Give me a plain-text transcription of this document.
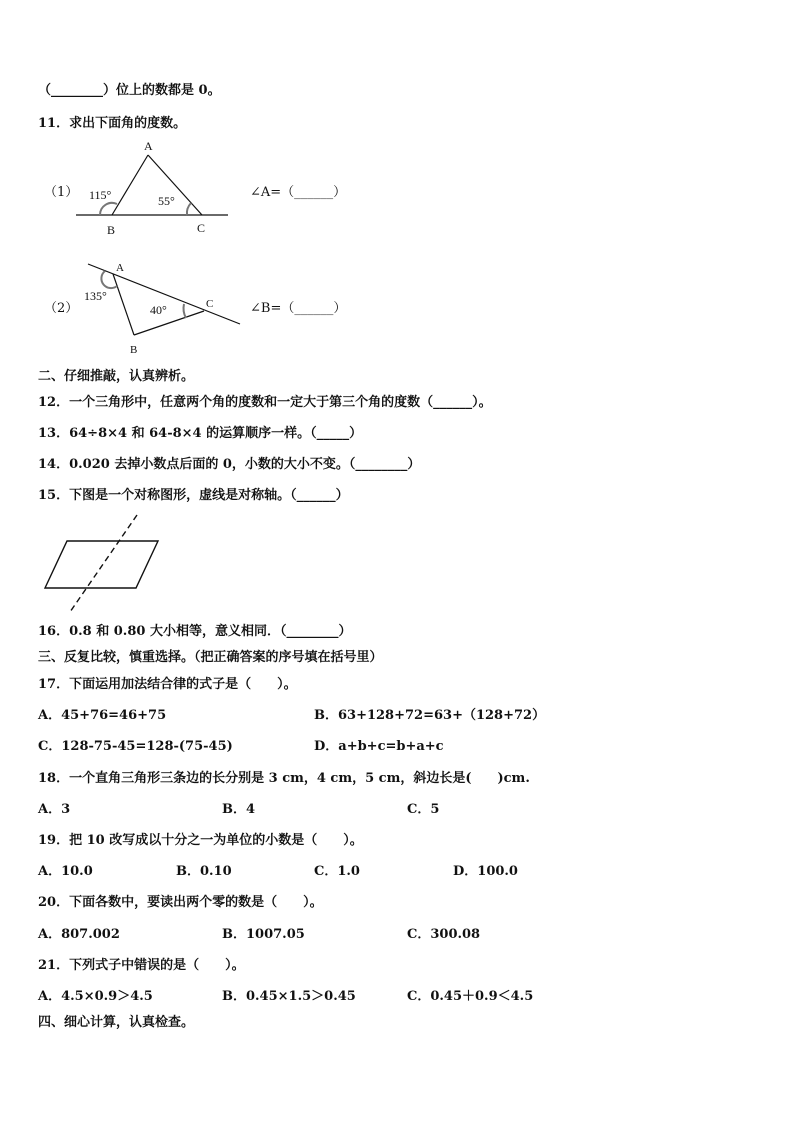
（________）位上的数都是 0。
11．求出下面角的度数。
（1）
A
B	C
115°	55°
∠A=（______）
（2）
A
B
C
135°
40°	∠B=（______）
二、仔细推敲，认真辨析。
12．一个三角形中，任意两个角的度数和一定大于第三个角的度数（______）。
13．64÷8×4 和 64-8×4 的运算顺序一样。（_____）
14．0.020 去掉小数点后面的 0，小数的大小不变。（________）
15．下图是一个对称图形，虚线是对称轴。（______）
16．0.8 和 0.80 大小相等，意义相同．（________）
三、反复比较，慎重选择。（把正确答案的序号填在括号里）
17．下面运用加法结合律的式子是（　　）。
A．45+76=46+75	B．63+128+72=63+（128+72）
C．128-75-45=128-(75-45)	D．a+b+c=b+a+c
18．一个直角三角形三条边的长分别是 3 cm，4 cm，5 cm，斜边长是(　　)cm.
A．3	B．4	C．5
19．把 10 改写成以十分之一为单位的小数是（　　）。
A．10.0	B．0.10	C．1.0	D．100.0
20．下面各数中，要读出两个零的数是（　　）。
A．807.002	B．1007.05	C．300.08
21．下列式子中错误的是（　　）。
A．4.5×0.9＞4.5	B．0.45×1.5＞0.45	C．0.45＋0.9＜4.5
四、细心计算，认真检查。
